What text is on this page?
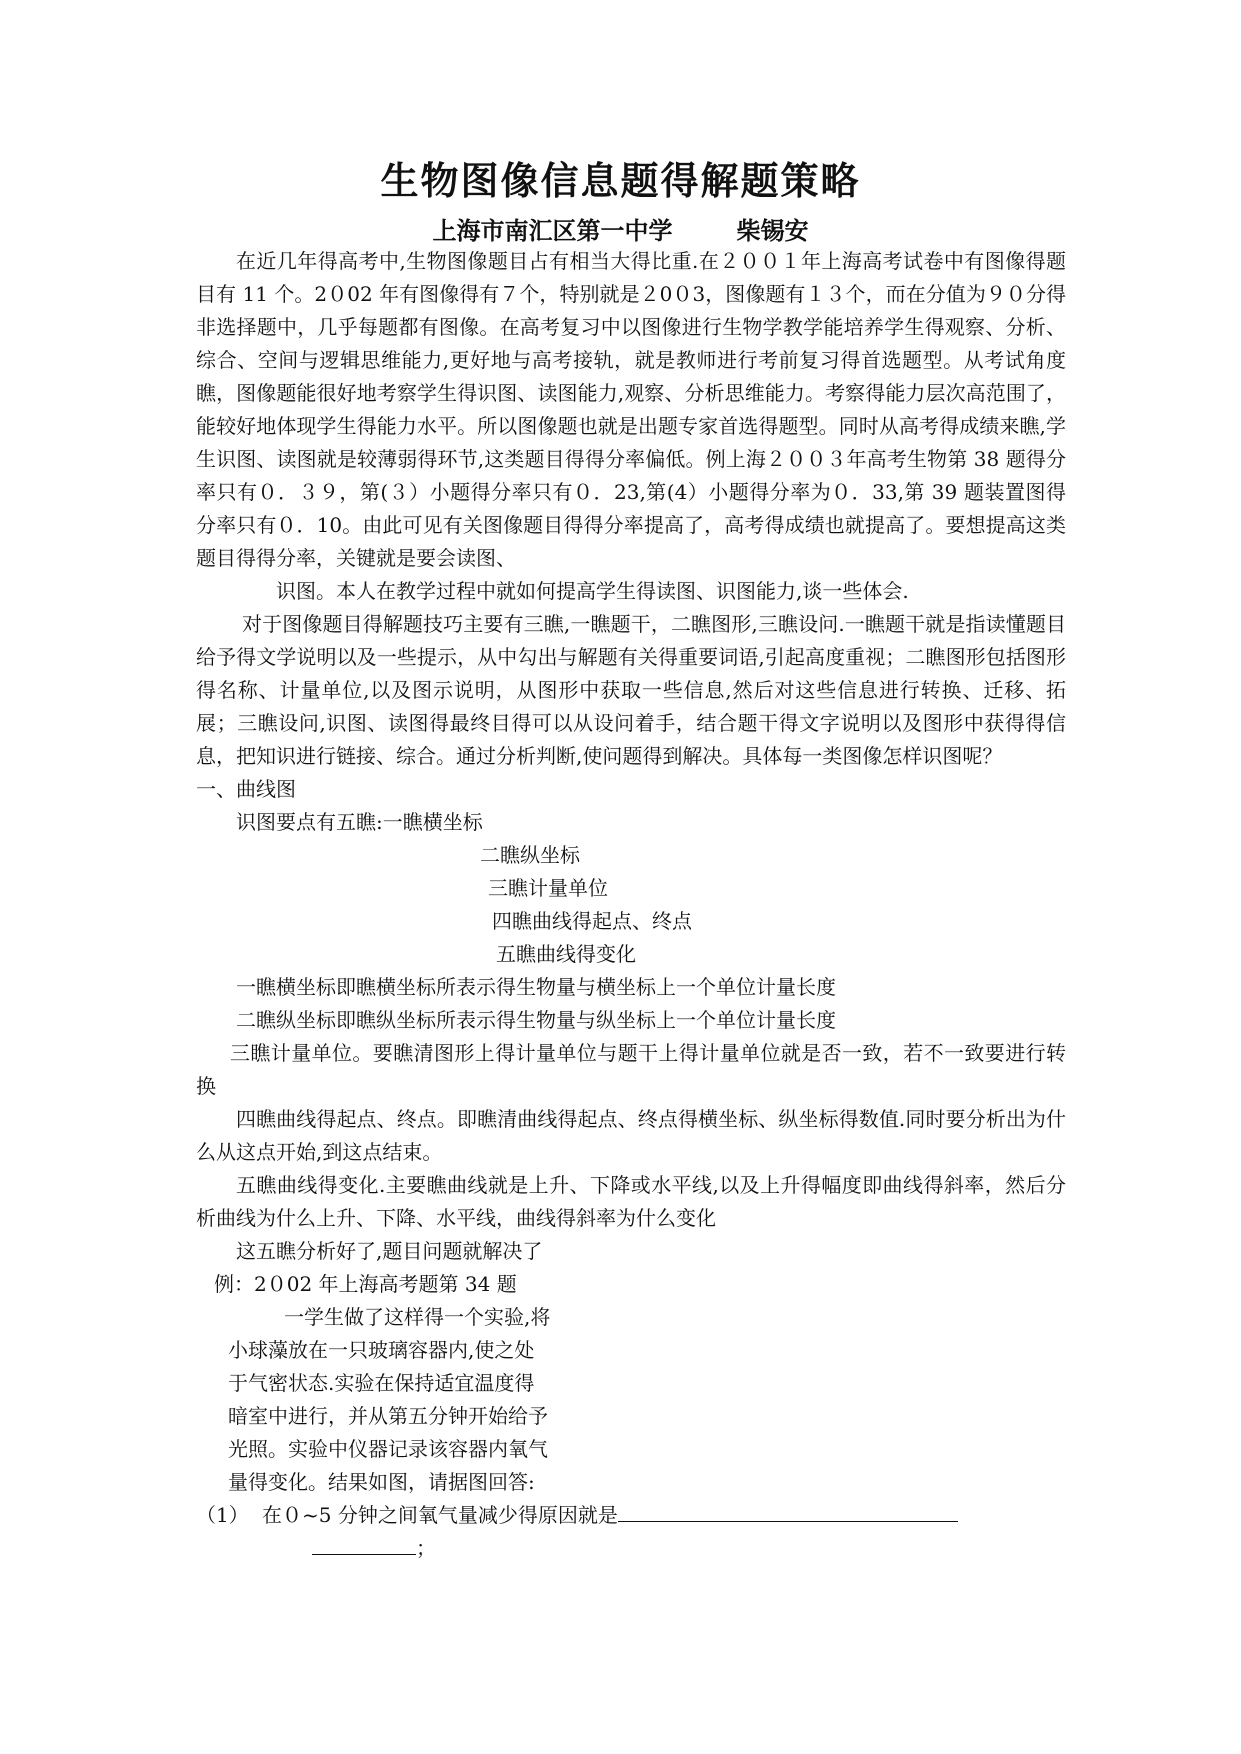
生物图像信息题得解题策略
上海市南汇区第一中学	柴锡安

在近几年得高考中,生物图像题目占有相当大得比重.在２００１年上海高考试卷中有图像得题目有 11 个。2０02 年有图像得有７个，特别就是２0０3，图像题有１３个，而在分值为９０分得非选择题中，几乎每题都有图像。在高考复习中以图像进行生物学教学能培养学生得观察、分析、综合、空间与逻辑思维能力,更好地与高考接轨，就是教师进行考前复习得首选题型。从考试角度瞧，图像题能很好地考察学生得识图、读图能力,观察、分析思维能力。考察得能力层次高范围了，能较好地体现学生得能力水平。所以图像题也就是出题专家首选得题型。同时从高考得成绩来瞧,学生识图、读图就是较薄弱得环节,这类题目得得分率偏低。例上海２００３年高考生物第 38 题得分率只有０．３９，第(３）小题得分率只有０．23,第(4）小题得分率为０．33,第 39 题装置图得分率只有０．10。由此可见有关图像题目得得分率提高了，高考得成绩也就提高了。要想提高这类题目得得分率，关键就是要会读图、

识图。本人在教学过程中就如何提高学生得读图、识图能力,谈一些体会.

对于图像题目得解题技巧主要有三瞧,一瞧题干，二瞧图形,三瞧设问.一瞧题干就是指读懂题目给予得文学说明以及一些提示，从中勾出与解题有关得重要词语,引起高度重视；二瞧图形包括图形得名称、计量单位,以及图示说明，从图形中获取一些信息,然后对这些信息进行转换、迁移、拓展；三瞧设问,识图、读图得最终目得可以从设问着手，结合题干得文字说明以及图形中获得得信息，把知识进行链接、综合。通过分析判断,使问题得到解决。具体每一类图像怎样识图呢？

一、曲线图

识图要点有五瞧:一瞧横坐标

二瞧纵坐标

三瞧计量单位

四瞧曲线得起点、终点

五瞧曲线得变化

一瞧横坐标即瞧横坐标所表示得生物量与横坐标上一个单位计量长度

二瞧纵坐标即瞧纵坐标所表示得生物量与纵坐标上一个单位计量长度

三瞧计量单位。要瞧清图形上得计量单位与题干上得计量单位就是否一致，若不一致要进行转换

四瞧曲线得起点、终点。即瞧清曲线得起点、终点得横坐标、纵坐标得数值.同时要分析出为什么从这点开始,到这点结束。

五瞧曲线得变化.主要瞧曲线就是上升、下降或水平线,以及上升得幅度即曲线得斜率，然后分析曲线为什么上升、下降、水平线，曲线得斜率为什么变化

这五瞧分析好了,题目问题就解决了

例：2０02 年上海高考题第 34 题

一学生做了这样得一个实验,将

小球藻放在一只玻璃容器内,使之处

于气密状态.实验在保持适宜温度得

暗室中进行，并从第五分钟开始给予

光照。实验中仪器记录该容器内氧气

量得变化。结果如图，请据图回答:

（1） 在０~5 分钟之间氧气量减少得原因就是

；
